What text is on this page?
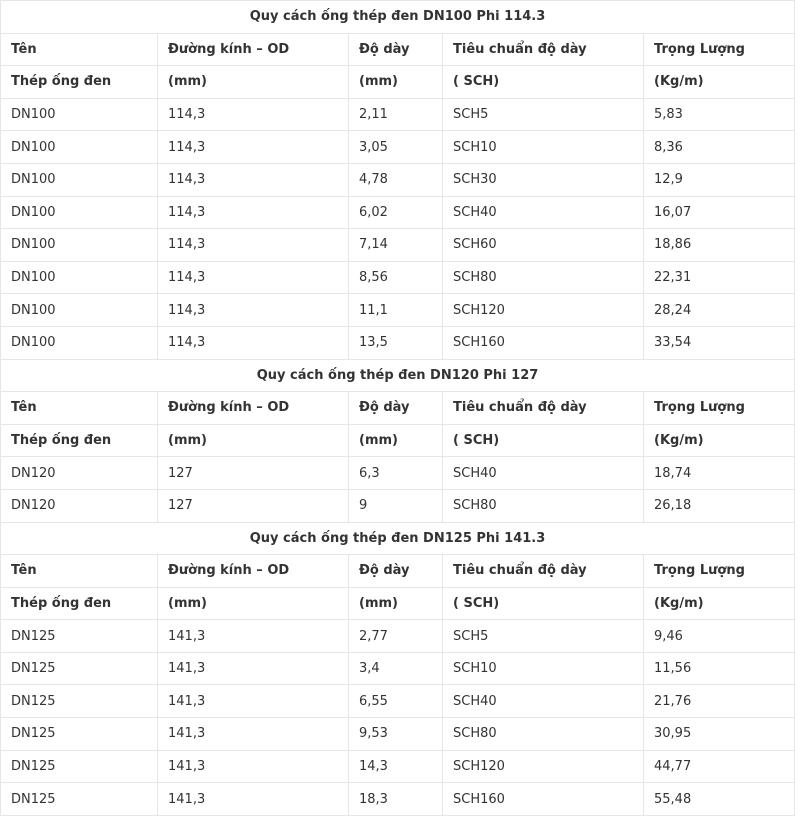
Quy cách ống thép đen DN100 Phi 114.3				
Tên	Đường kính – OD	Độ dày	Tiêu chuẩn độ dày	Trọng Lượng
Thép ống đen	(mm)	(mm)	( SCH)	(Kg/m)
DN100	114,3	2,11	SCH5	5,83
DN100	114,3	3,05	SCH10	8,36
DN100	114,3	4,78	SCH30	12,9
DN100	114,3	6,02	SCH40	16,07
DN100	114,3	7,14	SCH60	18,86
DN100	114,3	8,56	SCH80	22,31
DN100	114,3	11,1	SCH120	28,24
DN100	114,3	13,5	SCH160	33,54
Quy cách ống thép đen DN120 Phi 127				
Tên	Đường kính – OD	Độ dày	Tiêu chuẩn độ dày	Trọng Lượng
Thép ống đen	(mm)	(mm)	( SCH)	(Kg/m)
DN120	127	6,3	SCH40	18,74
DN120	127	9	SCH80	26,18
Quy cách ống thép đen DN125 Phi 141.3				
Tên	Đường kính – OD	Độ dày	Tiêu chuẩn độ dày	Trọng Lượng
Thép ống đen	(mm)	(mm)	( SCH)	(Kg/m)
DN125	141,3	2,77	SCH5	9,46
DN125	141,3	3,4	SCH10	11,56
DN125	141,3	6,55	SCH40	21,76
DN125	141,3	9,53	SCH80	30,95
DN125	141,3	14,3	SCH120	44,77
DN125	141,3	18,3	SCH160	55,48
